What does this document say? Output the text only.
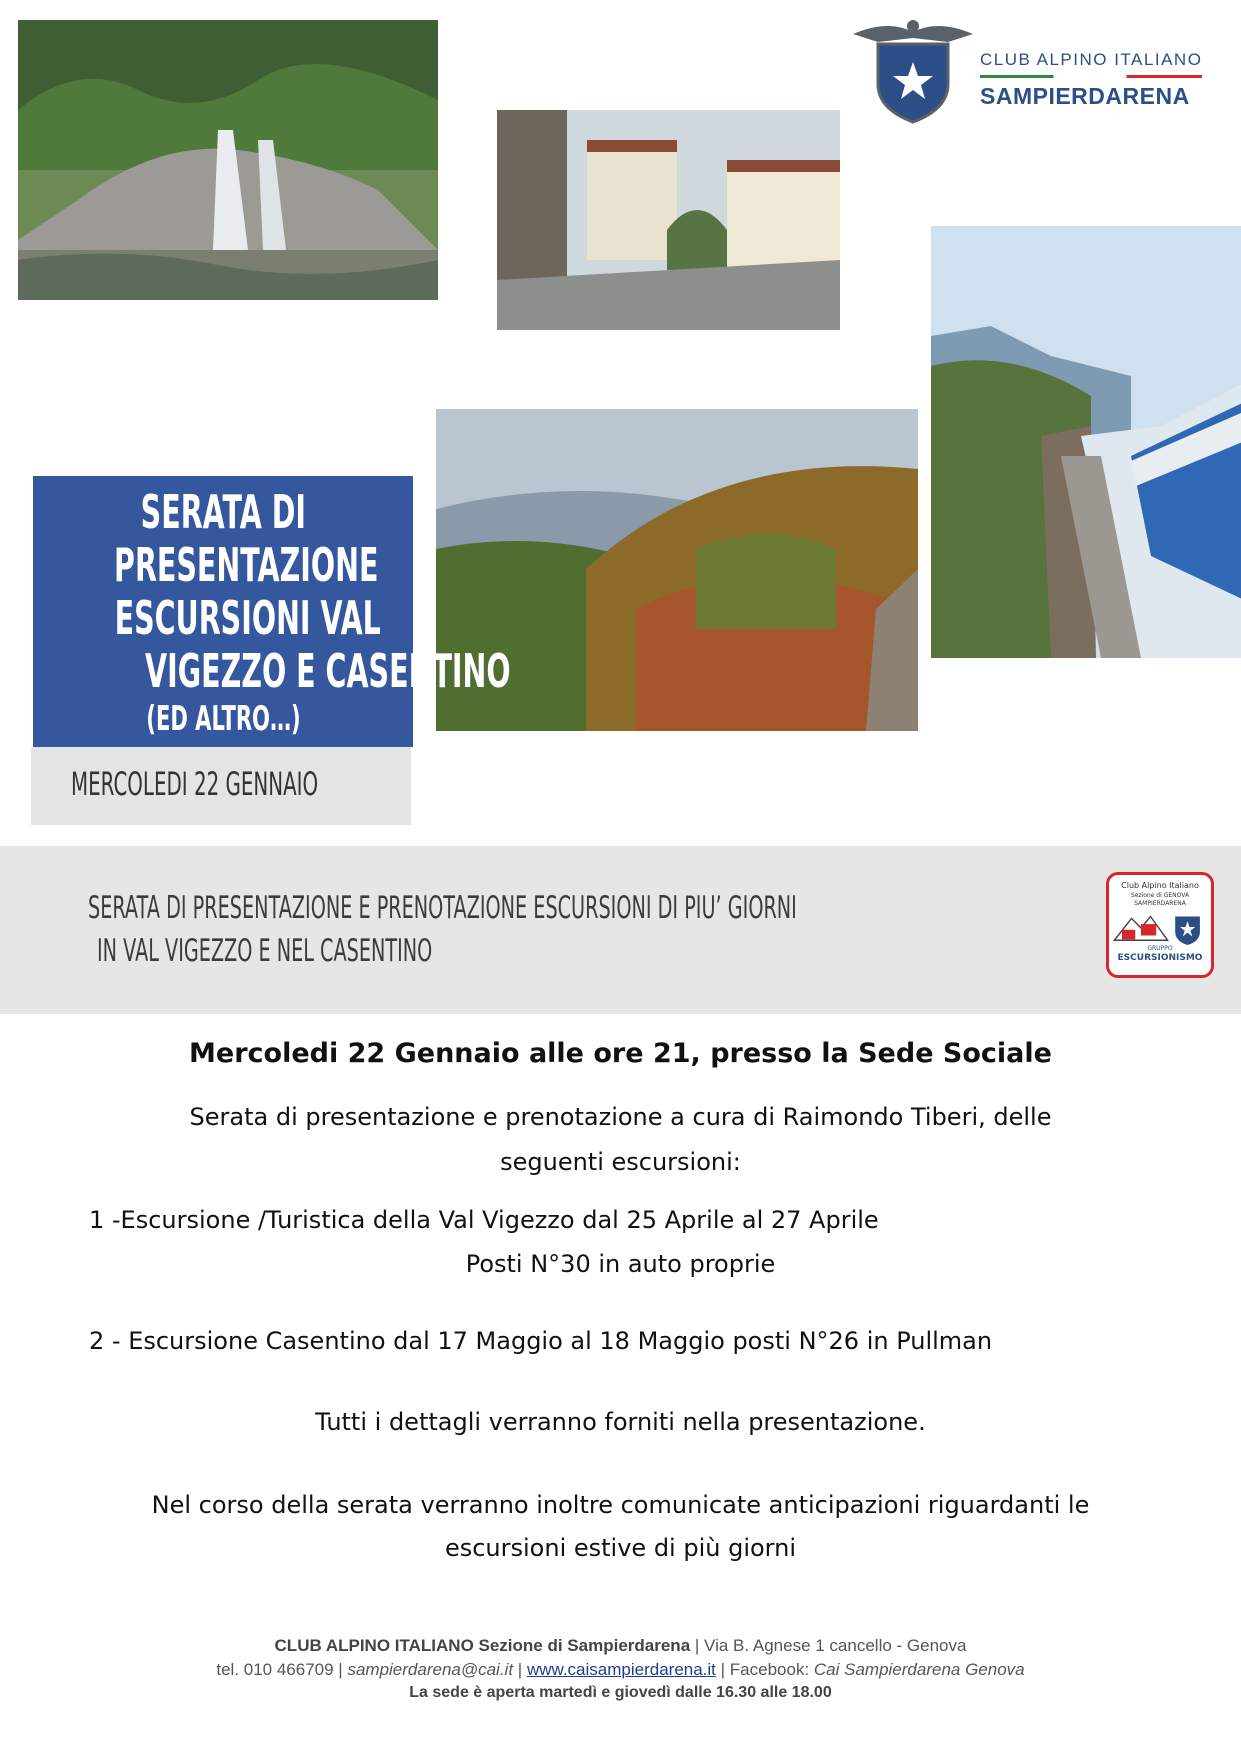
CLUB ALPINO ITALIANO
SAMPIERDARENA
SERATA DI
PRESENTAZIONE
ESCURSIONI VAL
VIGEZZO E CASENTINO
(ED ALTRO…)
MERCOLEDI 22 GENNAIO
SERATA DI PRESENTAZIONE E PRENOTAZIONE ESCURSIONI DI PIU’ GIORNI
IN VAL VIGEZZO E NEL CASENTINO
Club Alpino Italiano
Sezione di GENOVA
SAMPIERDARENA
GRUPPO
ESCURSIONISMO
Mercoledi 22 Gennaio alle ore 21, presso la Sede Sociale
Serata di presentazione e prenotazione a cura di Raimondo Tiberi, delle
seguenti escursioni:
1 -Escursione /Turistica della Val Vigezzo dal 25 Aprile al 27 Aprile
Posti N°30 in auto proprie
2 - Escursione Casentino dal 17 Maggio al 18 Maggio posti N°26 in Pullman
Tutti i dettagli verranno forniti nella presentazione.
Nel corso della serata verranno inoltre comunicate anticipazioni riguardanti le
escursioni estive di più giorni
CLUB ALPINO ITALIANO Sezione di Sampierdarena | Via B. Agnese 1 cancello - Genova
tel. 010 466709 | sampierdarena@cai.it | www.caisampierdarena.it | Facebook: Cai Sampierdarena Genova
La sede è aperta martedì e giovedì dalle 16.30 alle 18.00
